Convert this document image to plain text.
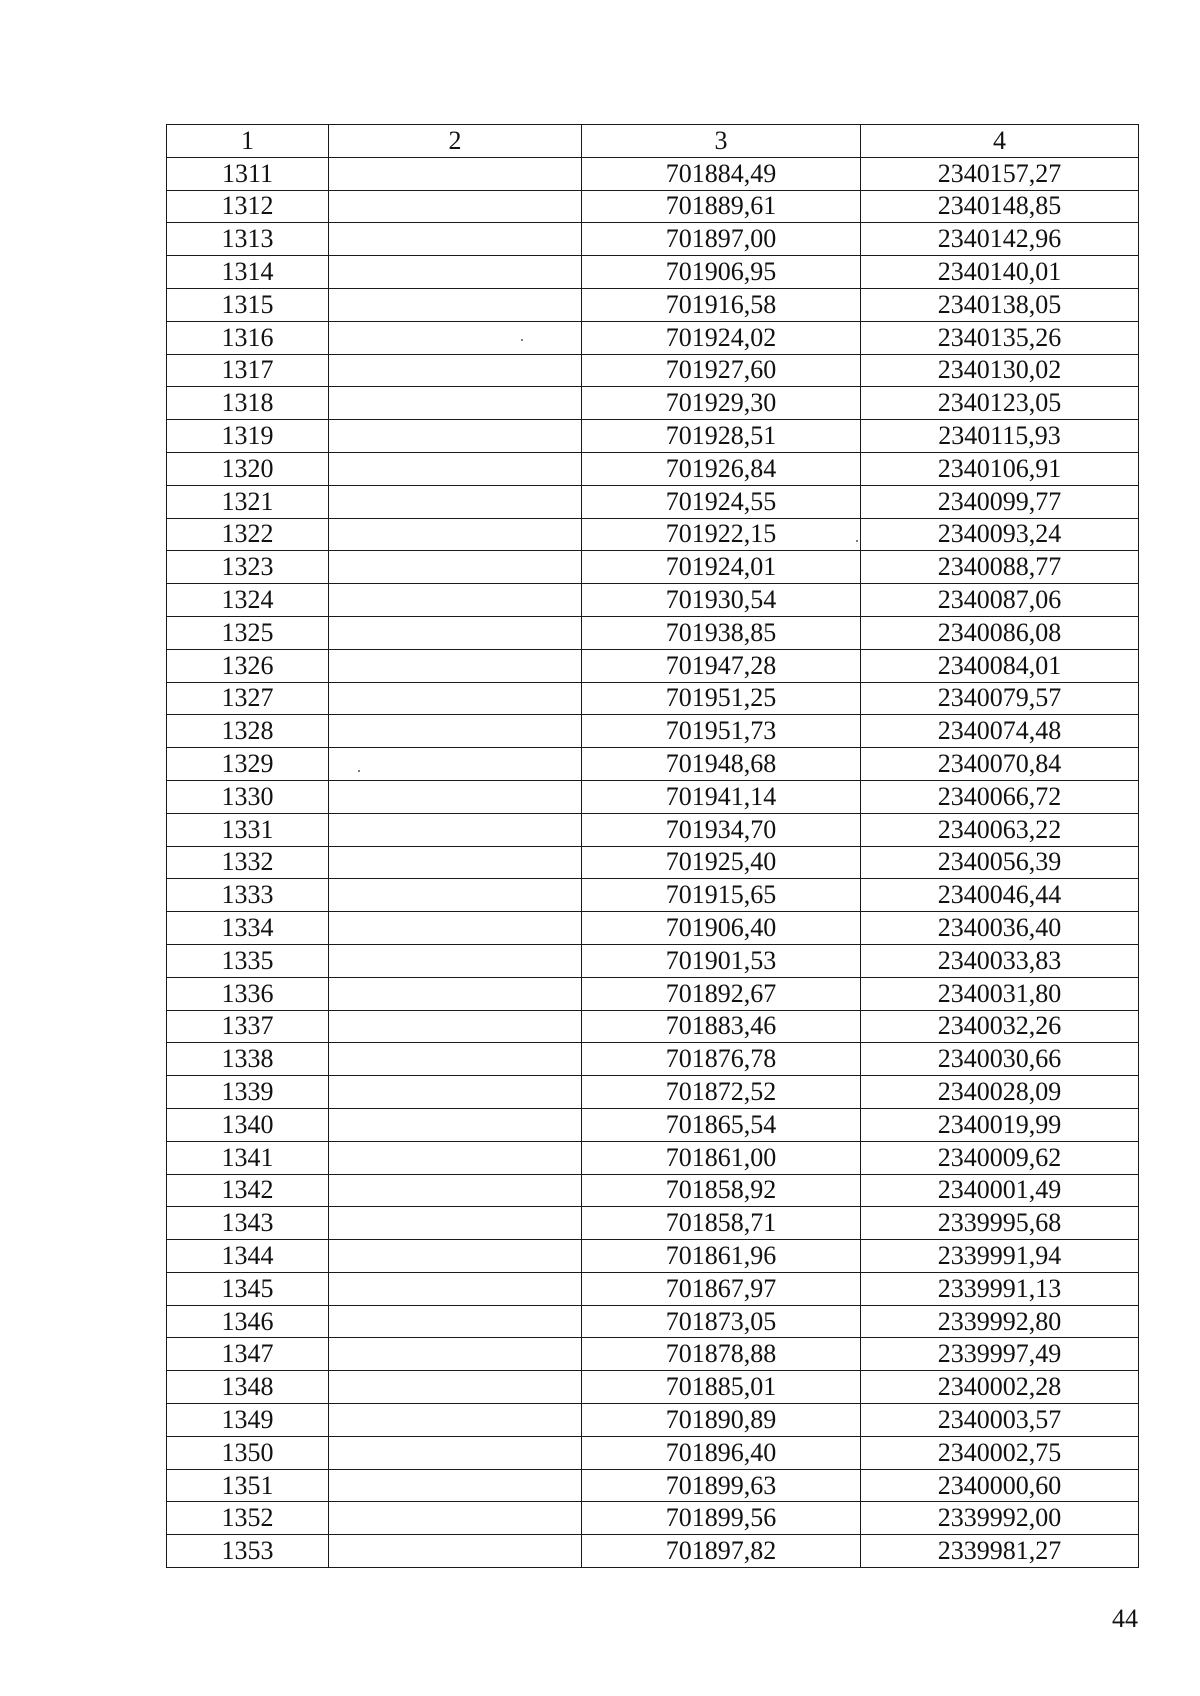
1	2	3	4
1311		701884,49	2340157,27
1312		701889,61	2340148,85
1313		701897,00	2340142,96
1314		701906,95	2340140,01
1315		701916,58	2340138,05
1316		701924,02	2340135,26
1317		701927,60	2340130,02
1318		701929,30	2340123,05
1319		701928,51	2340115,93
1320		701926,84	2340106,91
1321		701924,55	2340099,77
1322		701922,15	2340093,24
1323		701924,01	2340088,77
1324		701930,54	2340087,06
1325		701938,85	2340086,08
1326		701947,28	2340084,01
1327		701951,25	2340079,57
1328		701951,73	2340074,48
1329		701948,68	2340070,84
1330		701941,14	2340066,72
1331		701934,70	2340063,22
1332		701925,40	2340056,39
1333		701915,65	2340046,44
1334		701906,40	2340036,40
1335		701901,53	2340033,83
1336		701892,67	2340031,80
1337		701883,46	2340032,26
1338		701876,78	2340030,66
1339		701872,52	2340028,09
1340		701865,54	2340019,99
1341		701861,00	2340009,62
1342		701858,92	2340001,49
1343		701858,71	2339995,68
1344		701861,96	2339991,94
1345		701867,97	2339991,13
1346		701873,05	2339992,80
1347		701878,88	2339997,49
1348		701885,01	2340002,28
1349		701890,89	2340003,57
1350		701896,40	2340002,75
1351		701899,63	2340000,60
1352		701899,56	2339992,00
1353		701897,82	2339981,27
44
